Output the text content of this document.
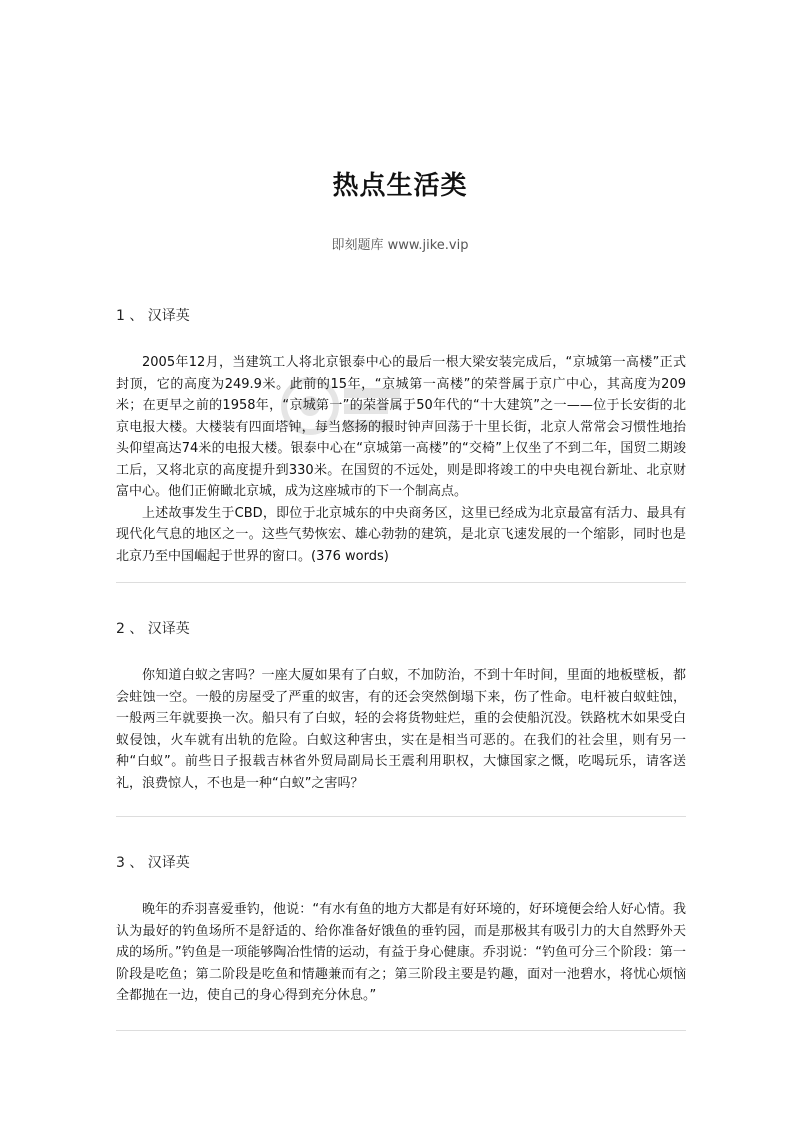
热点生活类
即刻题库 www.jike.vip
1 、 汉译英

2005年12月，当建筑工人将北京银泰中心的最后一根大梁安装完成后，“京城第一高楼”正式封顶，它的高度为249.9米。此前的15年，“京城第一高楼”的荣誉属于京广中心，其高度为209米；在更早之前的1958年，“京城第一”的荣誉属于50年代的“十大建筑”之一——位于长安街的北京电报大楼。大楼装有四面塔钟，每当悠扬的报时钟声回荡于十里长街，北京人常常会习惯性地抬头仰望高达74米的电报大楼。银泰中心在“京城第一高楼”的“交椅”上仅坐了不到二年，国贸二期竣工后，又将北京的高度提升到330米。在国贸的不远处，则是即将竣工的中央电视台新址、北京财富中心。他们正俯瞰北京城，成为这座城市的下一个制高点。

上述故事发生于CBD，即位于北京城东的中央商务区，这里已经成为北京最富有活力、最具有现代化气息的地区之一。这些气势恢宏、雄心勃勃的建筑，是北京飞速发展的一个缩影，同时也是北京乃至中国崛起于世界的窗口。(376 words)

2 、 汉译英

你知道白蚁之害吗？一座大厦如果有了白蚁，不加防治，不到十年时间，里面的地板壁板，都会蛀蚀一空。一般的房屋受了严重的蚁害，有的还会突然倒塌下来，伤了性命。电杆被白蚁蛀蚀，一般两三年就要换一次。船只有了白蚁，轻的会将货物蛀烂，重的会使船沉没。铁路枕木如果受白蚁侵蚀，火车就有出轨的危险。白蚁这种害虫，实在是相当可恶的。在我们的社会里，则有另一种“白蚁”。前些日子报载吉林省外贸局副局长王震利用职权，大慷国家之慨，吃喝玩乐，请客送礼，浪费惊人，不也是一种“白蚁”之害吗？

3 、 汉译英

晚年的乔羽喜爱垂钓，他说：“有水有鱼的地方大都是有好环境的，好环境便会给人好心情。我认为最好的钓鱼场所不是舒适的、给你准备好饿鱼的垂钓园，而是那极其有吸引力的大自然野外天成的场所。”钓鱼是一项能够陶冶性情的运动，有益于身心健康。乔羽说：“钓鱼可分三个阶段：第一阶段是吃鱼；第二阶段是吃鱼和情趣兼而有之；第三阶段主要是钓趣，面对一池碧水，将忧心烦恼全都抛在一边，使自己的身心得到充分休息。”
